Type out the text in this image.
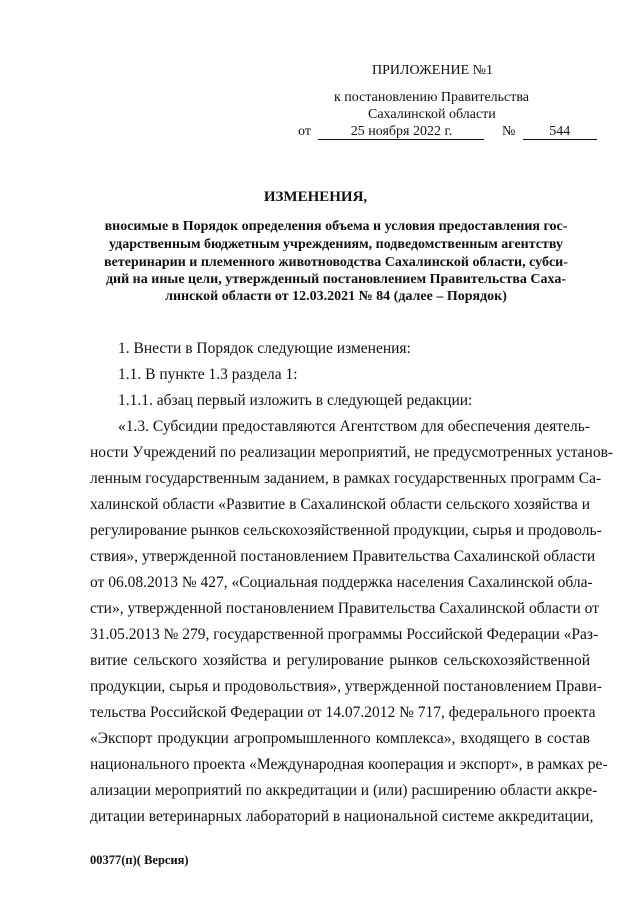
ПРИЛОЖЕНИЕ №1
к постановлению Правительства
Сахалинской области
от	25 ноября 2022 г.	№ 544
ИЗМЕНЕНИЯ,
вносимые в Порядок определения объема и условия предоставления гос-
ударственным бюджетным учреждениям, подведомственным агентству
ветеринарии и племенного животноводства Сахалинской области, субси-
дий на иные цели, утвержденный постановлением Правительства Саха-
линской области от 12.03.2021 № 84 (далее – Порядок)
1. Внести в Порядок следующие изменения:
1.1. В пункте 1.3 раздела 1:
1.1.1. абзац первый изложить в следующей редакции:
«1.3. Субсидии предоставляются Агентством для обеспечения деятель-
ности Учреждений по реализации мероприятий, не предусмотренных установ-
ленным государственным заданием, в рамках государственных программ Са-
халинской области «Развитие в Сахалинской области сельского хозяйства и
регулирование рынков сельскохозяйственной продукции, сырья и продоволь-
ствия», утвержденной постановлением Правительства Сахалинской области
от 06.08.2013 № 427, «Социальная поддержка населения Сахалинской обла-
сти», утвержденной постановлением Правительства Сахалинской области от
31.05.2013 № 279, государственной программы Российской Федерации «Раз-
витие сельского хозяйства и регулирование рынков сельскохозяйственной
продукции, сырья и продовольствия», утвержденной постановлением Прави-
тельства Российской Федерации от 14.07.2012 № 717, федерального проекта
«Экспорт продукции агропромышленного комплекса», входящего в состав
национального проекта «Международная кооперация и экспорт», в рамках ре-
ализации мероприятий по аккредитации и (или) расширению области аккре-
дитации ветеринарных лабораторий в национальной системе аккредитации,
00377(п)( Версия)
